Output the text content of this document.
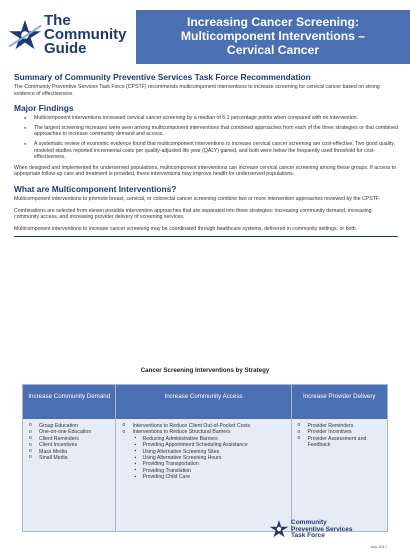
The
Community
Guide
Increasing Cancer Screening:
Multicomponent Interventions –
Cervical Cancer
Summary of Community Preventive Services Task Force Recommendation
The Community Preventive Services Task Force (CPSTF) recommends multicomponent interventions to increase screening for cervical cancer based on strong evidence of effectiveness.
Major Findings
● Multicomponent interventions increased cervical cancer screening by a median of 6.1 percentage points when compared with no intervention.
● The largest screening increases were seen among multicomponent interventions that combined approaches from each of the three strategies or that combined approaches to increase community demand and access.
● A systematic review of economic evidence found that multicomponent interventions to increase cervical cancer screening are cost-effective. Two good quality, modeled studies reported incremental costs per quality-adjusted life year (QALY) gained, and both were below the frequently used threshold for cost-effectiveness.
When designed and implemented for underserved populations, multicomponent interventions can increase cervical cancer screening among these groups. If access to appropriate follow-up care and treatment is provided, these interventions may improve health for underserved populations.
What are Multicomponent Interventions?
Multicomponent interventions to promote breast, cervical, or colorectal cancer screening combine two or more intervention approaches reviewed by the CPSTF.
Combinations are selected from eleven possible intervention approaches that are separated into three strategies: increasing community demand, increasing community access, and increasing provider delivery of screening services.
Multicomponent interventions to increase cancer screening may be coordinated through healthcare systems, delivered in community settings, or both.
Cancer Screening Interventions by Strategy
Increase Community Demand
o Group Education
o One-on-one Education
o Client Reminders
o Client Incentives
o Mass Media
o Small Media
Increase Community Access
o Interventions to Reduce Client Out-of-Pocket Costs
o Interventions to Reduce Structural Barriers
▪ Reducing Administrative Barriers
▪ Providing Appointment Scheduling Assistance
▪ Using Alternative Screening Sites
▪ Using Alternative Screening Hours
▪ Providing Transportation
▪ Providing Translation
▪ Providing Child Care
Increase Provider Delivery
o Provider Reminders
o Provider Incentives
o Provider Assessment and Feedback
Community
Preventive Services
Task Force
July 2017
